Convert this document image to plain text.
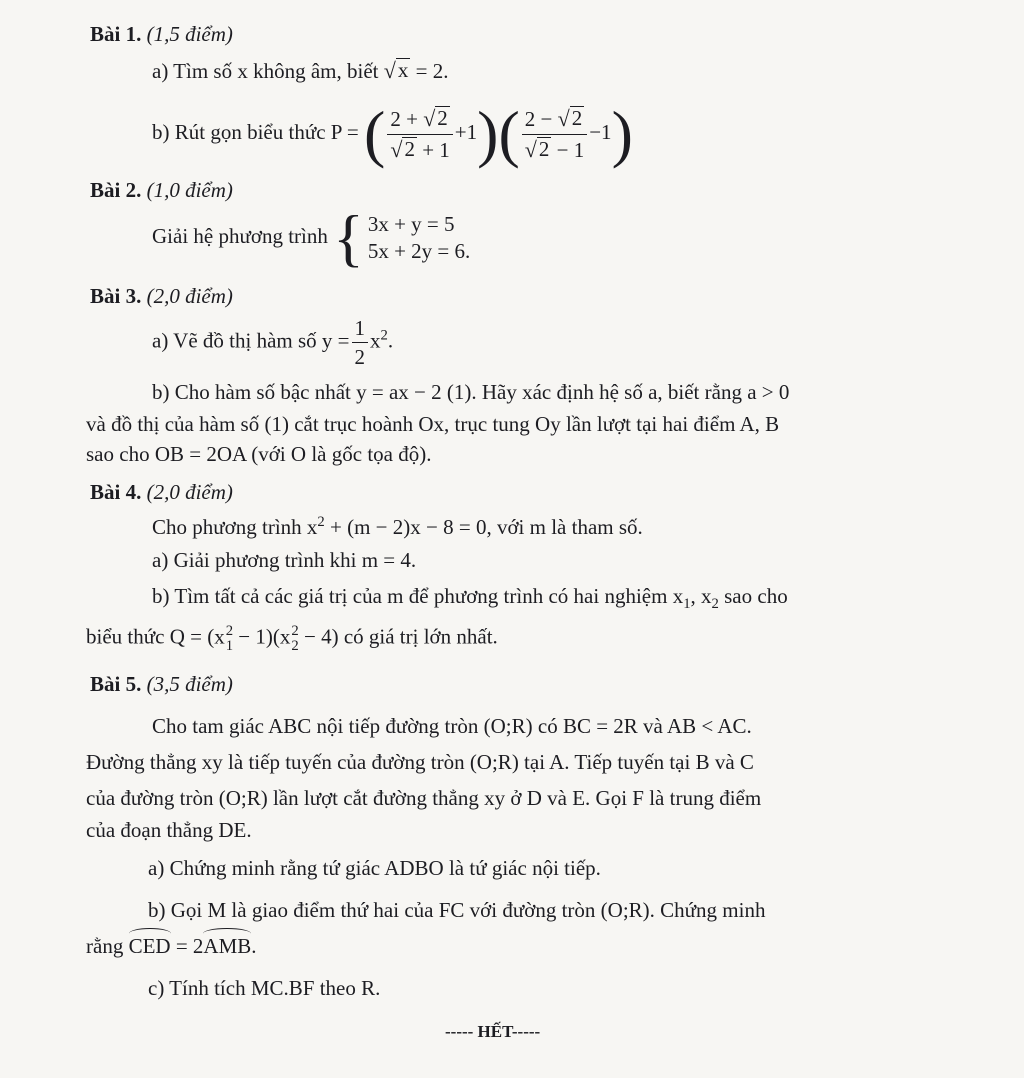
Bài 1. (1,5 điểm)
a) Tìm số x không âm, biết √ x = 2.
b) Rút gọn biểu thức P = ( $\frac{2 + √ 2}{√ 2 + 1} +1)( \frac{2 - √ 2}{√ 2 - 1} -1)$
Bài 2. (1,0 điểm)
Giải hệ phương trình { 3x + y = 5
5x + 2y = 6.
Bài 3. (2,0 điểm)
a) Vẽ đồ thị hàm số $y = \frac{1}{2} x^2$.
b) Cho hàm số bậc nhất y = ax − 2 (1). Hãy xác định hệ số a, biết rằng a > 0
và đồ thị của hàm số (1) cắt trục hoành Ox, trục tung Oy lần lượt tại hai điểm A, B
sao cho OB = 2OA (với O là gốc tọa độ).
Bài 4. (2,0 điểm)
Cho phương trình $x^2 + (m - 2)x - 8 = 0$, với m là tham số.
a) Giải phương trình khi m = 4.
b) Tìm tất cả các giá trị của m để phương trình có hai nghiệm $x_1$, $x_2$ sao cho
biểu thức Q = (x 2
1 − 1)(x 2
2 − 4) có giá trị lớn nhất.
Bài 5. (3,5 điểm)
Cho tam giác ABC nội tiếp đường tròn (O;R) có BC = 2R và AB < AC.
Đường thẳng xy là tiếp tuyến của đường tròn (O;R) tại A. Tiếp tuyến tại B và C
của đường tròn (O;R) lần lượt cắt đường thẳng xy ở D và E. Gọi F là trung điểm
của đoạn thẳng DE.
a) Chứng minh rằng tứ giác ADBO là tứ giác nội tiếp.
b) Gọi M là giao điểm thứ hai của FC với đường tròn (O;R). Chứng minh
rằng CED = 2AMB.
c) Tính tích MC.BF theo R.
----- HẾT-----
